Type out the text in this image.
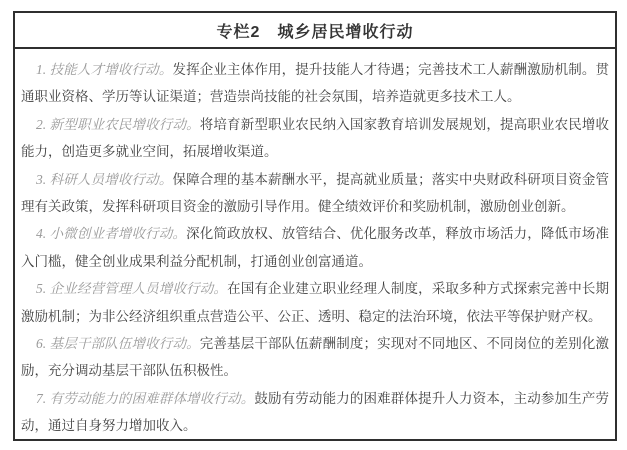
专栏2　城乡居民增收行动

1. 技能人才增收行动。发挥企业主体作用，提升技能人才待遇；完善技术工人薪酬激励机制。贯通职业资格、学历等认证渠道；营造崇尚技能的社会氛围，培养造就更多技术工人。

2. 新型职业农民增收行动。将培育新型职业农民纳入国家教育培训发展规划，提高职业农民增收能力，创造更多就业空间，拓展增收渠道。

3. 科研人员增收行动。保障合理的基本薪酬水平，提高就业质量；落实中央财政科研项目资金管理有关政策，发挥科研项目资金的激励引导作用。健全绩效评价和奖励机制，激励创业创新。

4. 小微创业者增收行动。深化简政放权、放管结合、优化服务改革，释放市场活力，降低市场准入门槛，健全创业成果利益分配机制，打通创业创富通道。

5. 企业经营管理人员增收行动。在国有企业建立职业经理人制度，采取多种方式探索完善中长期激励机制；为非公经济组织重点营造公平、公正、透明、稳定的法治环境，依法平等保护财产权。

6. 基层干部队伍增收行动。完善基层干部队伍薪酬制度；实现对不同地区、不同岗位的差别化激励，充分调动基层干部队伍积极性。

7. 有劳动能力的困难群体增收行动。鼓励有劳动能力的困难群体提升人力资本，主动参加生产劳动，通过自身努力增加收入。
